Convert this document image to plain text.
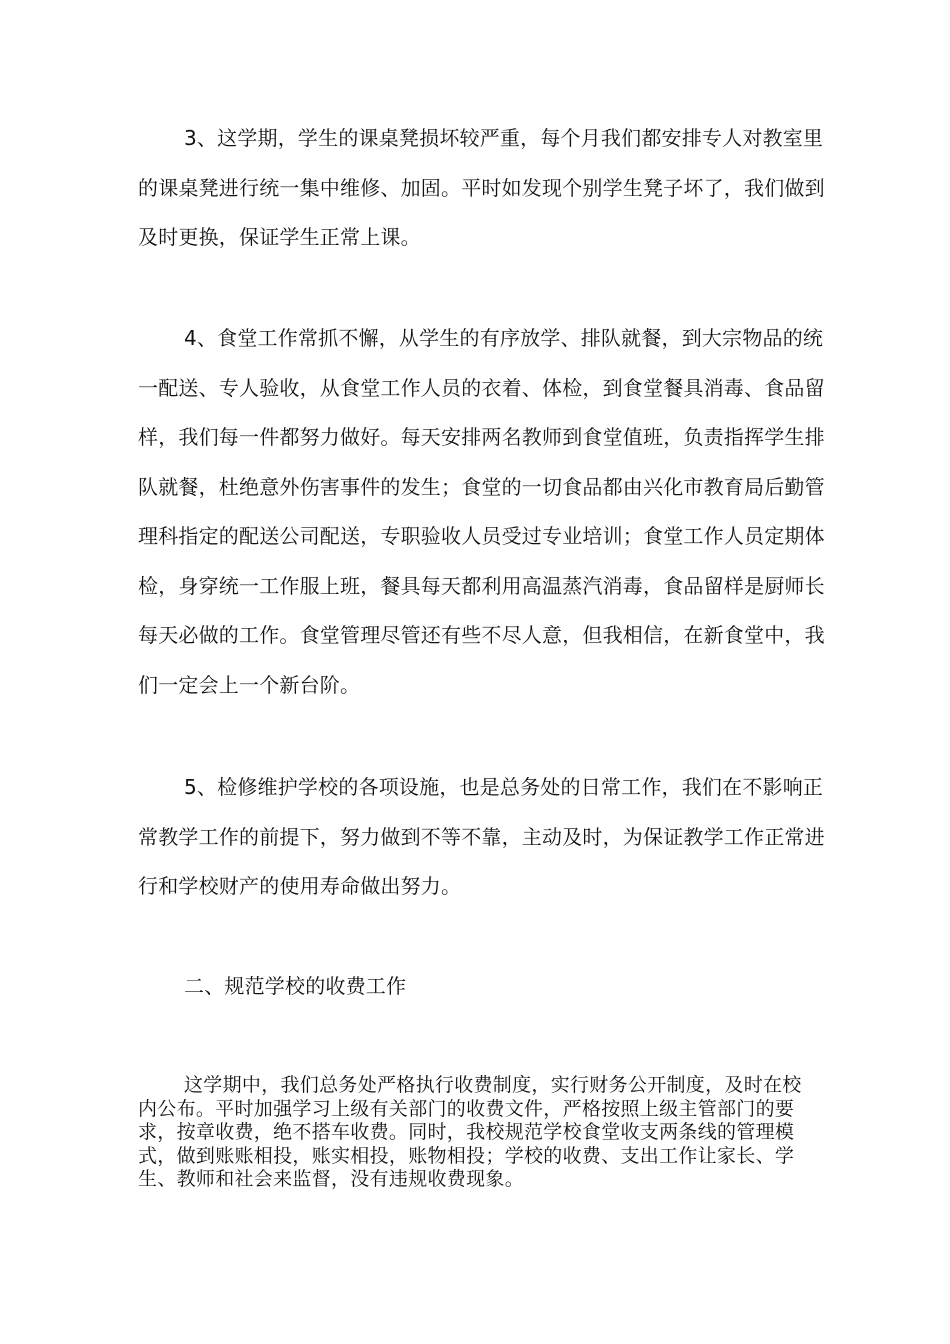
3、这学期，学生的课桌凳损坏较严重，每个月我们都安排专人对教室里的课桌凳进行统一集中维修、加固。平时如发现个别学生凳子坏了，我们做到及时更换，保证学生正常上课。

4、食堂工作常抓不懈，从学生的有序放学、排队就餐，到大宗物品的统一配送、专人验收，从食堂工作人员的衣着、体检，到食堂餐具消毒、食品留样，我们每一件都努力做好。每天安排两名教师到食堂值班，负责指挥学生排队就餐，杜绝意外伤害事件的发生；食堂的一切食品都由兴化市教育局后勤管理科指定的配送公司配送，专职验收人员受过专业培训；食堂工作人员定期体检，身穿统一工作服上班，餐具每天都利用高温蒸汽消毒，食品留样是厨师长每天必做的工作。食堂管理尽管还有些不尽人意，但我相信，在新食堂中，我们一定会上一个新台阶。

5、检修维护学校的各项设施，也是总务处的日常工作，我们在不影响正常教学工作的前提下，努力做到不等不靠，主动及时，为保证教学工作正常进行和学校财产的使用寿命做出努力。

二、规范学校的收费工作

这学期中，我们总务处严格执行收费制度，实行财务公开制度，及时在校内公布。平时加强学习上级有关部门的收费文件，严格按照上级主管部门的要求，按章收费，绝不搭车收费。同时，我校规范学校食堂收支两条线的管理模式，做到账账相投，账实相投，账物相投；学校的收费、支出工作让家长、学生、教师和社会来监督，没有违规收费现象。
